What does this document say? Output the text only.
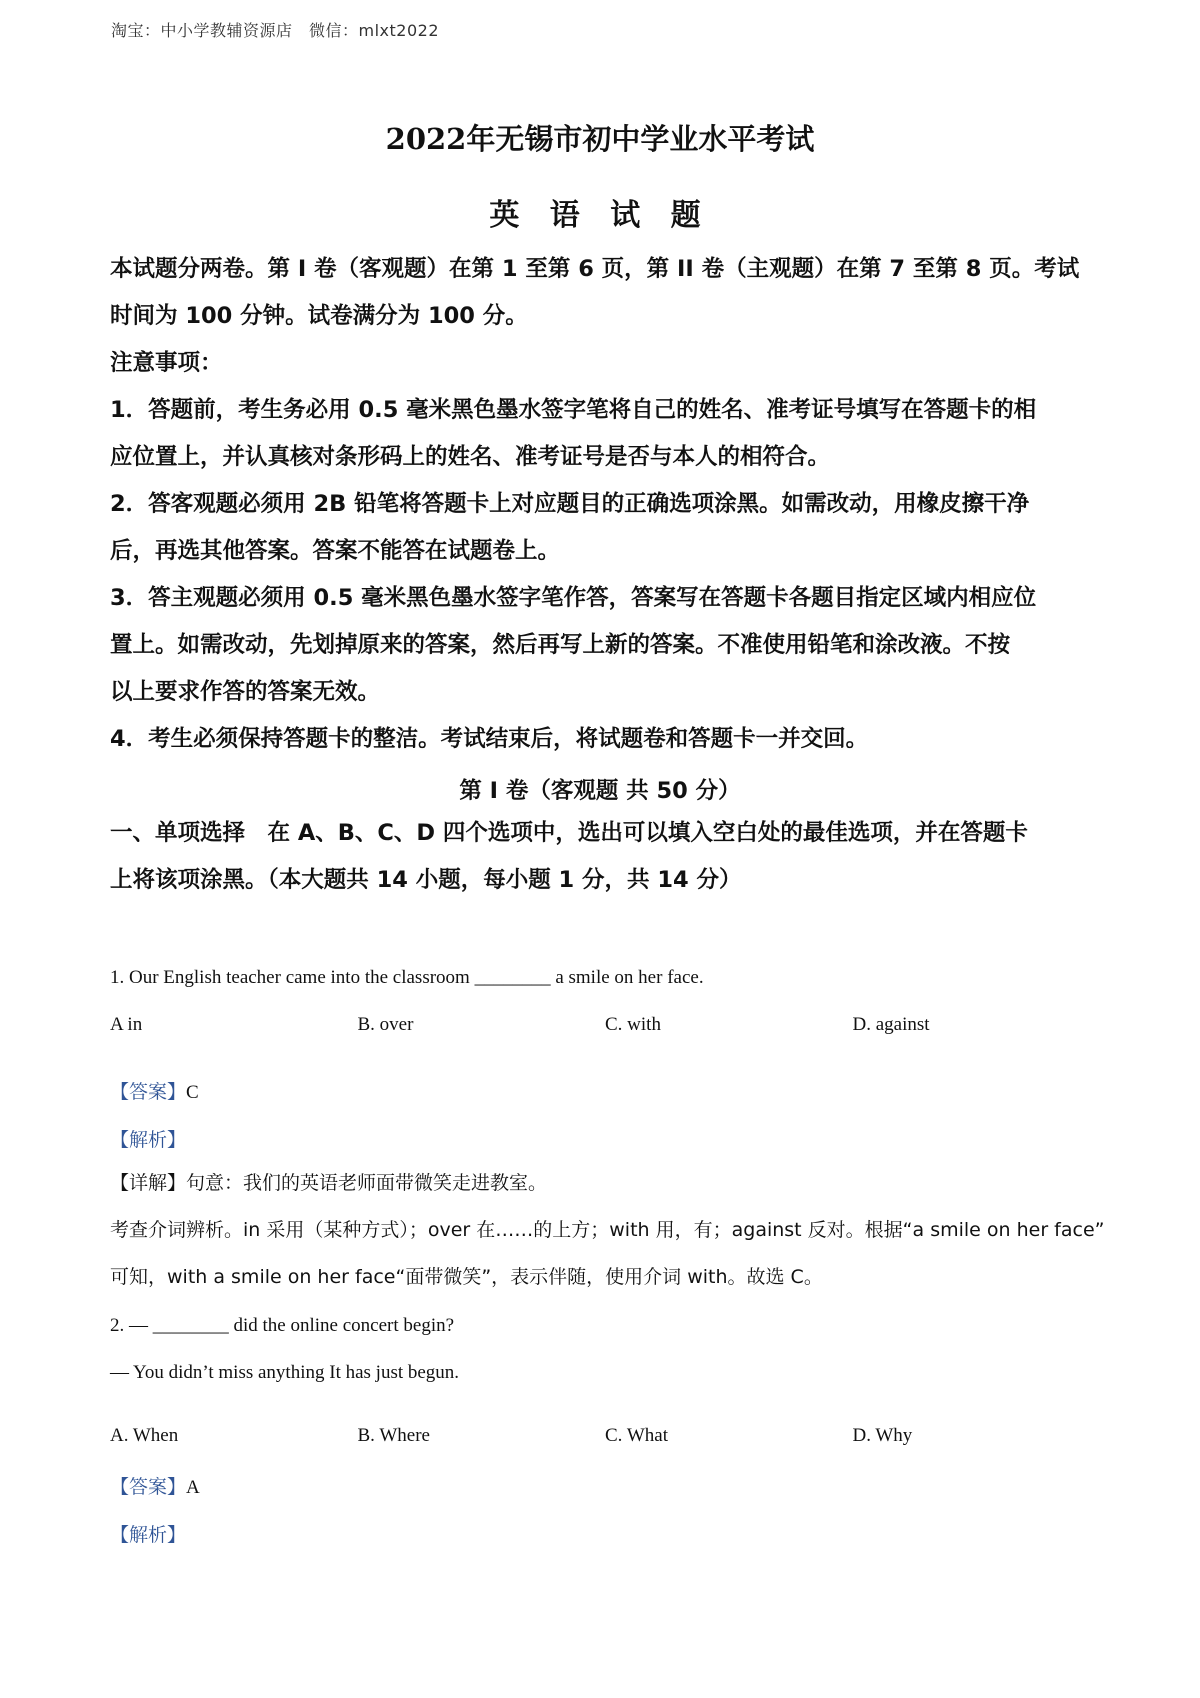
淘宝：中小学教辅资源店　微信：mlxt2022
2022年无锡市初中学业水平考试
英 语 试 题

本试题分两卷。第 I 卷（客观题）在第 1 至第 6 页，第 II 卷（主观题）在第 7 至第 8 页。考试

时间为 100 分钟。试卷满分为 100 分。

注意事项：

1．答题前，考生务必用 0.5 毫米黑色墨水签字笔将自己的姓名、准考证号填写在答题卡的相

应位置上，并认真核对条形码上的姓名、准考证号是否与本人的相符合。

2．答客观题必须用 2B 铅笔将答题卡上对应题目的正确选项涂黑。如需改动，用橡皮擦干净

后，再选其他答案。答案不能答在试题卷上。

3．答主观题必须用 0.5 毫米黑色墨水签字笔作答，答案写在答题卡各题目指定区域内相应位

置上。如需改动，先划掉原来的答案，然后再写上新的答案。不准使用铅笔和涂改液。不按

以上要求作答的答案无效。

4．考生必须保持答题卡的整洁。考试结束后，将试题卷和答题卡一并交回。

第 I 卷（客观题 共 50 分）

一、单项选择　在 A、B、C、D 四个选项中，选出可以填入空白处的最佳选项，并在答题卡

上将该项涂黑。（本大题共 14 小题，每小题 1 分，共 14 分）

1. Our English teacher came into the classroom ________ a smile on her face.
A in	B. over	C. with	D. against
【答案】C
【解析】

【详解】句意：我们的英语老师面带微笑走进教室。

考查介词辨析。in 采用（某种方式）；over 在……的上方；with 用，有；against 反对。根据“a smile on her face”

可知，with a smile on her face“面带微笑”，表示伴随，使用介词 with。故选 C。

2. — ________ did the online concert begin?
— You didn’t miss anything It has just begun.
A. When	B. Where	C. What	D. Why
【答案】A
【解析】
